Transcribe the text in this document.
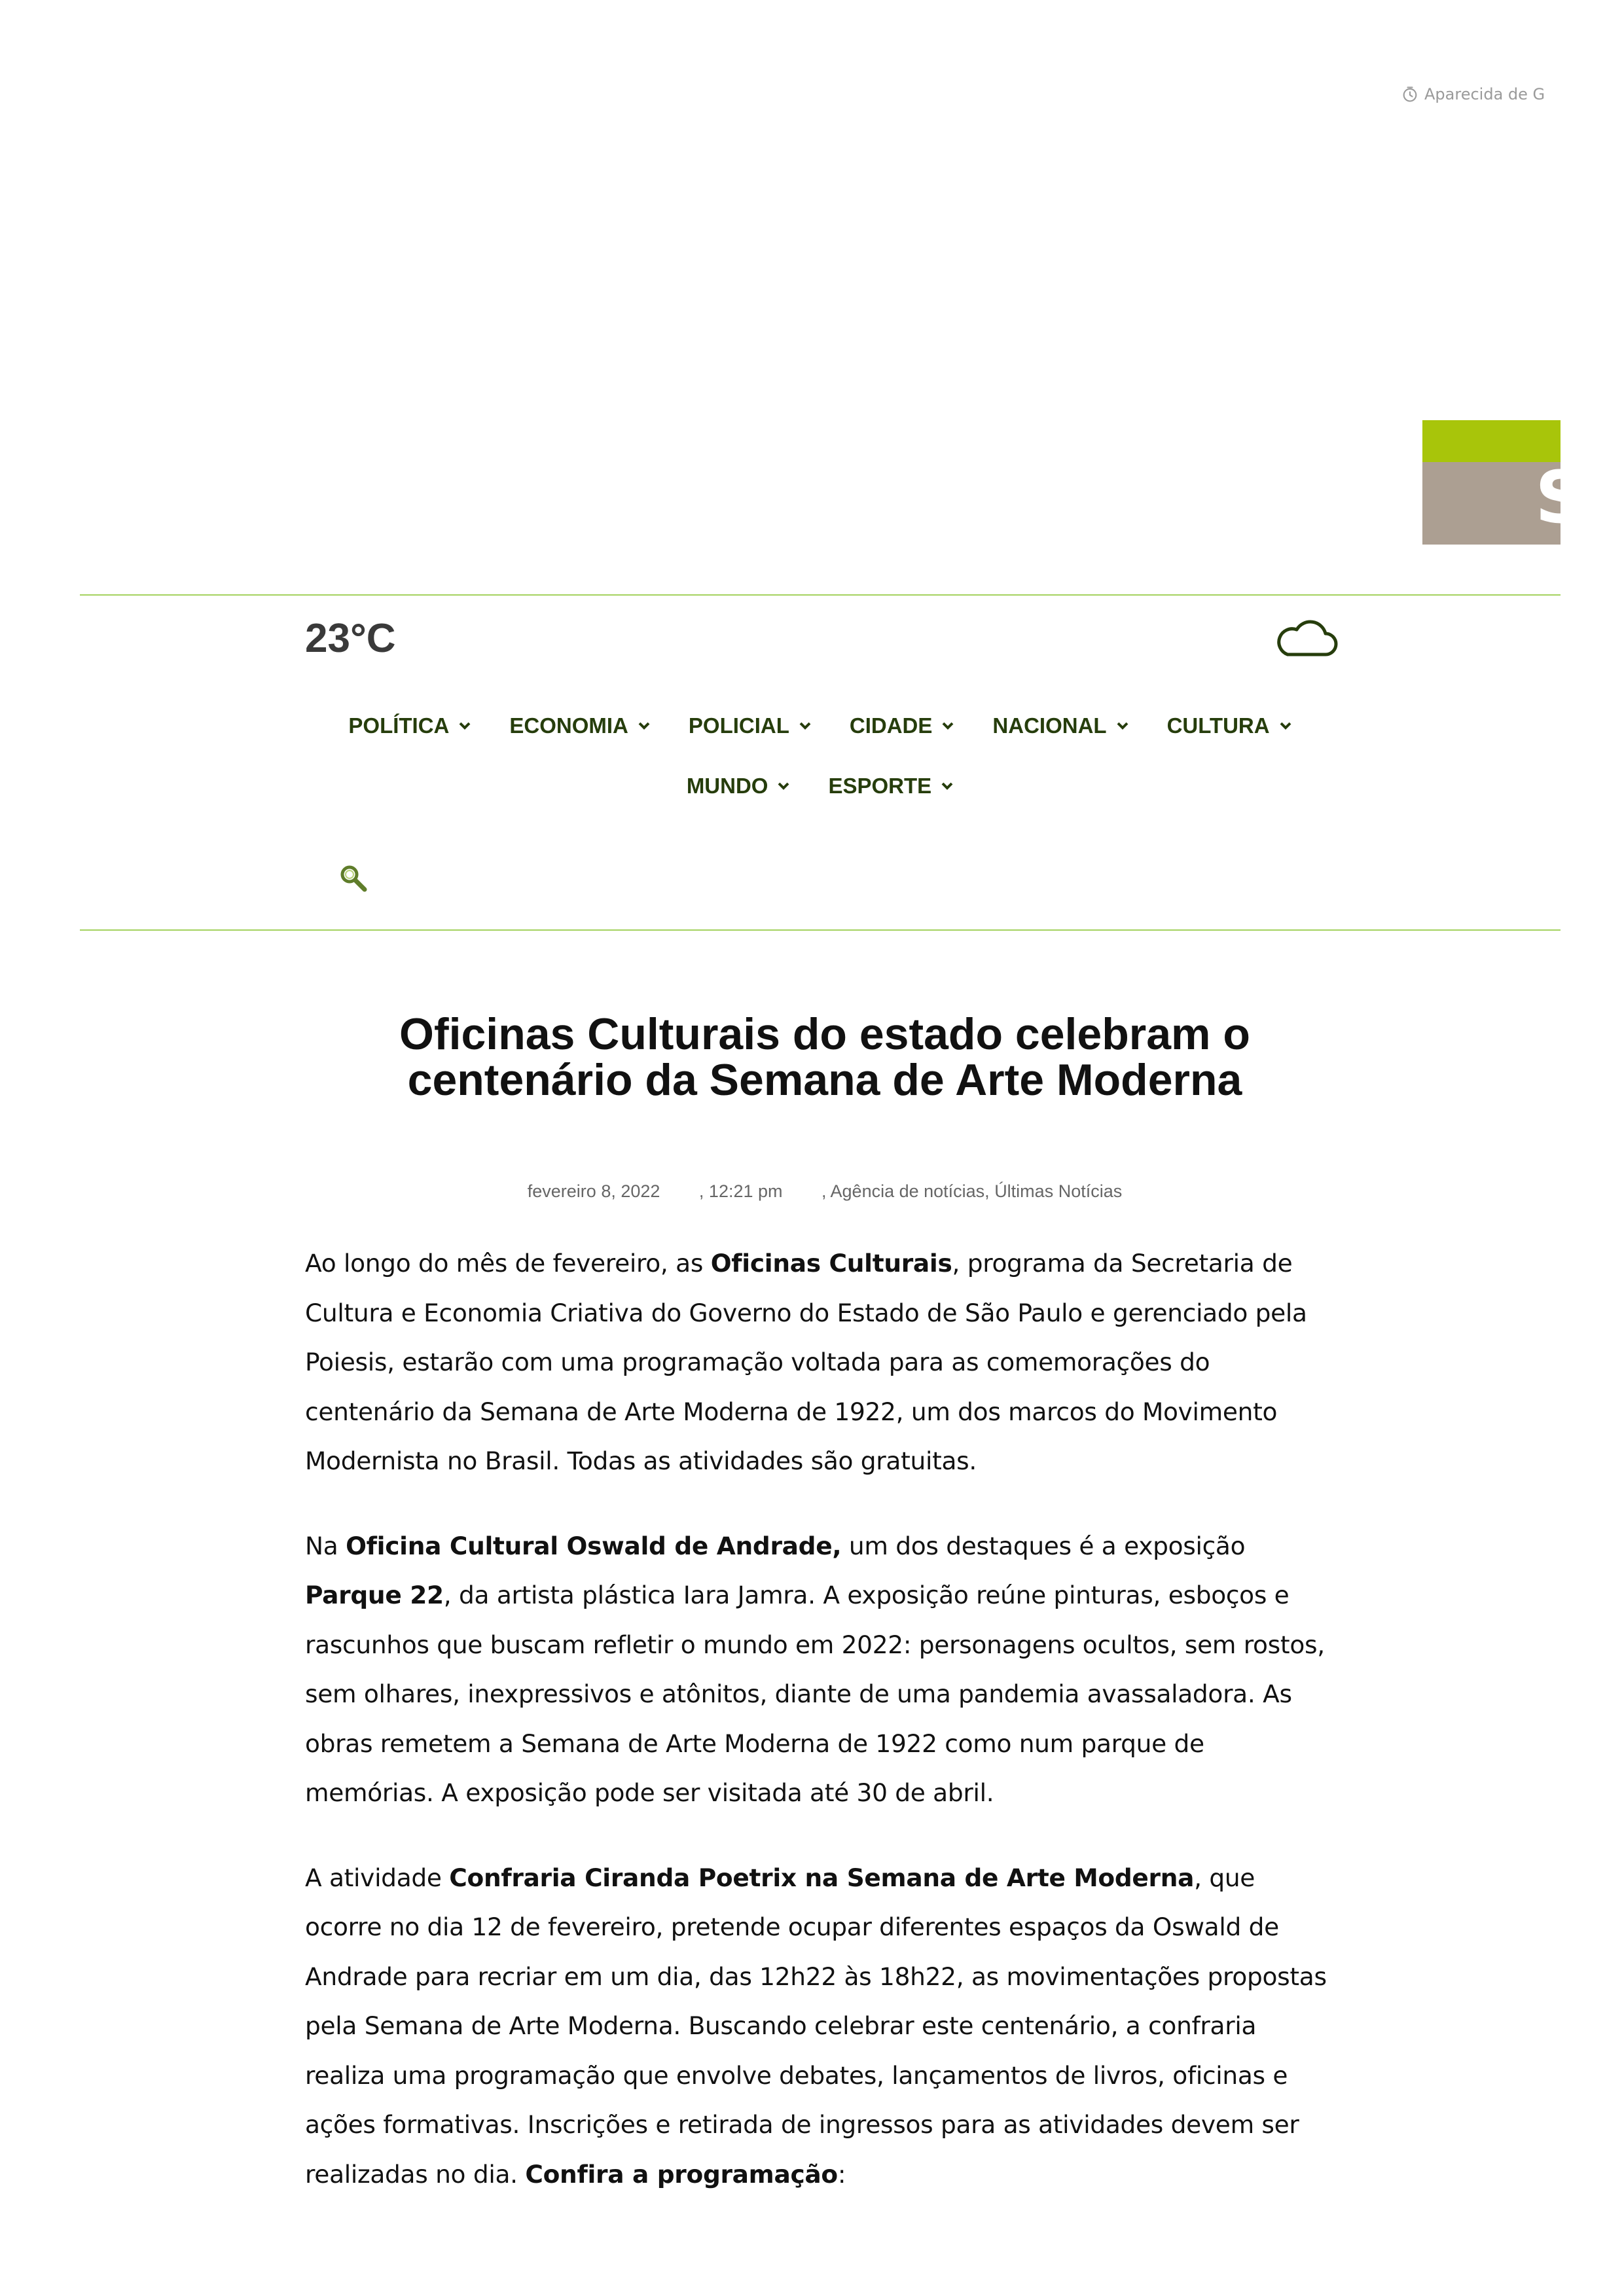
Aparecida de G
S
23°C
POLÍTICA	ECONOMIA	POLICIAL	CIDADE	NACIONAL	CULTURA
MUNDO	ESPORTE
Oficinas Culturais do estado celebram o centenário da Semana de Arte Moderna
fevereiro 8, 2022 , 12:21 pm , Agência de notícias, Últimas Notícias

Ao longo do mês de fevereiro, as Oficinas Culturais, programa da Secretaria de Cultura e Economia Criativa do Governo do Estado de São Paulo e gerenciado pela Poiesis, estarão com uma programação voltada para as comemorações do centenário da Semana de Arte Moderna de 1922, um dos marcos do Movimento Modernista no Brasil. Todas as atividades são gratuitas.

Na Oficina Cultural Oswald de Andrade, um dos destaques é a exposição Parque 22, da artista plástica Iara Jamra. A exposição reúne pinturas, esboços e rascunhos que buscam refletir o mundo em 2022: personagens ocultos, sem rostos, sem olhares, inexpressivos e atônitos, diante de uma pandemia avassaladora. As obras remetem a Semana de Arte Moderna de 1922 como num parque de memórias. A exposição pode ser visitada até 30 de abril.

A atividade Confraria Ciranda Poetrix na Semana de Arte Moderna, que ocorre no dia 12 de fevereiro, pretende ocupar diferentes espaços da Oswald de Andrade para recriar em um dia, das 12h22 às 18h22, as movimentações propostas pela Semana de Arte Moderna. Buscando celebrar este centenário, a confraria realiza uma programação que envolve debates, lançamentos de livros, oficinas e ações formativas. Inscrições e retirada de ingressos para as atividades devem ser realizadas no dia. Confira a programação:
